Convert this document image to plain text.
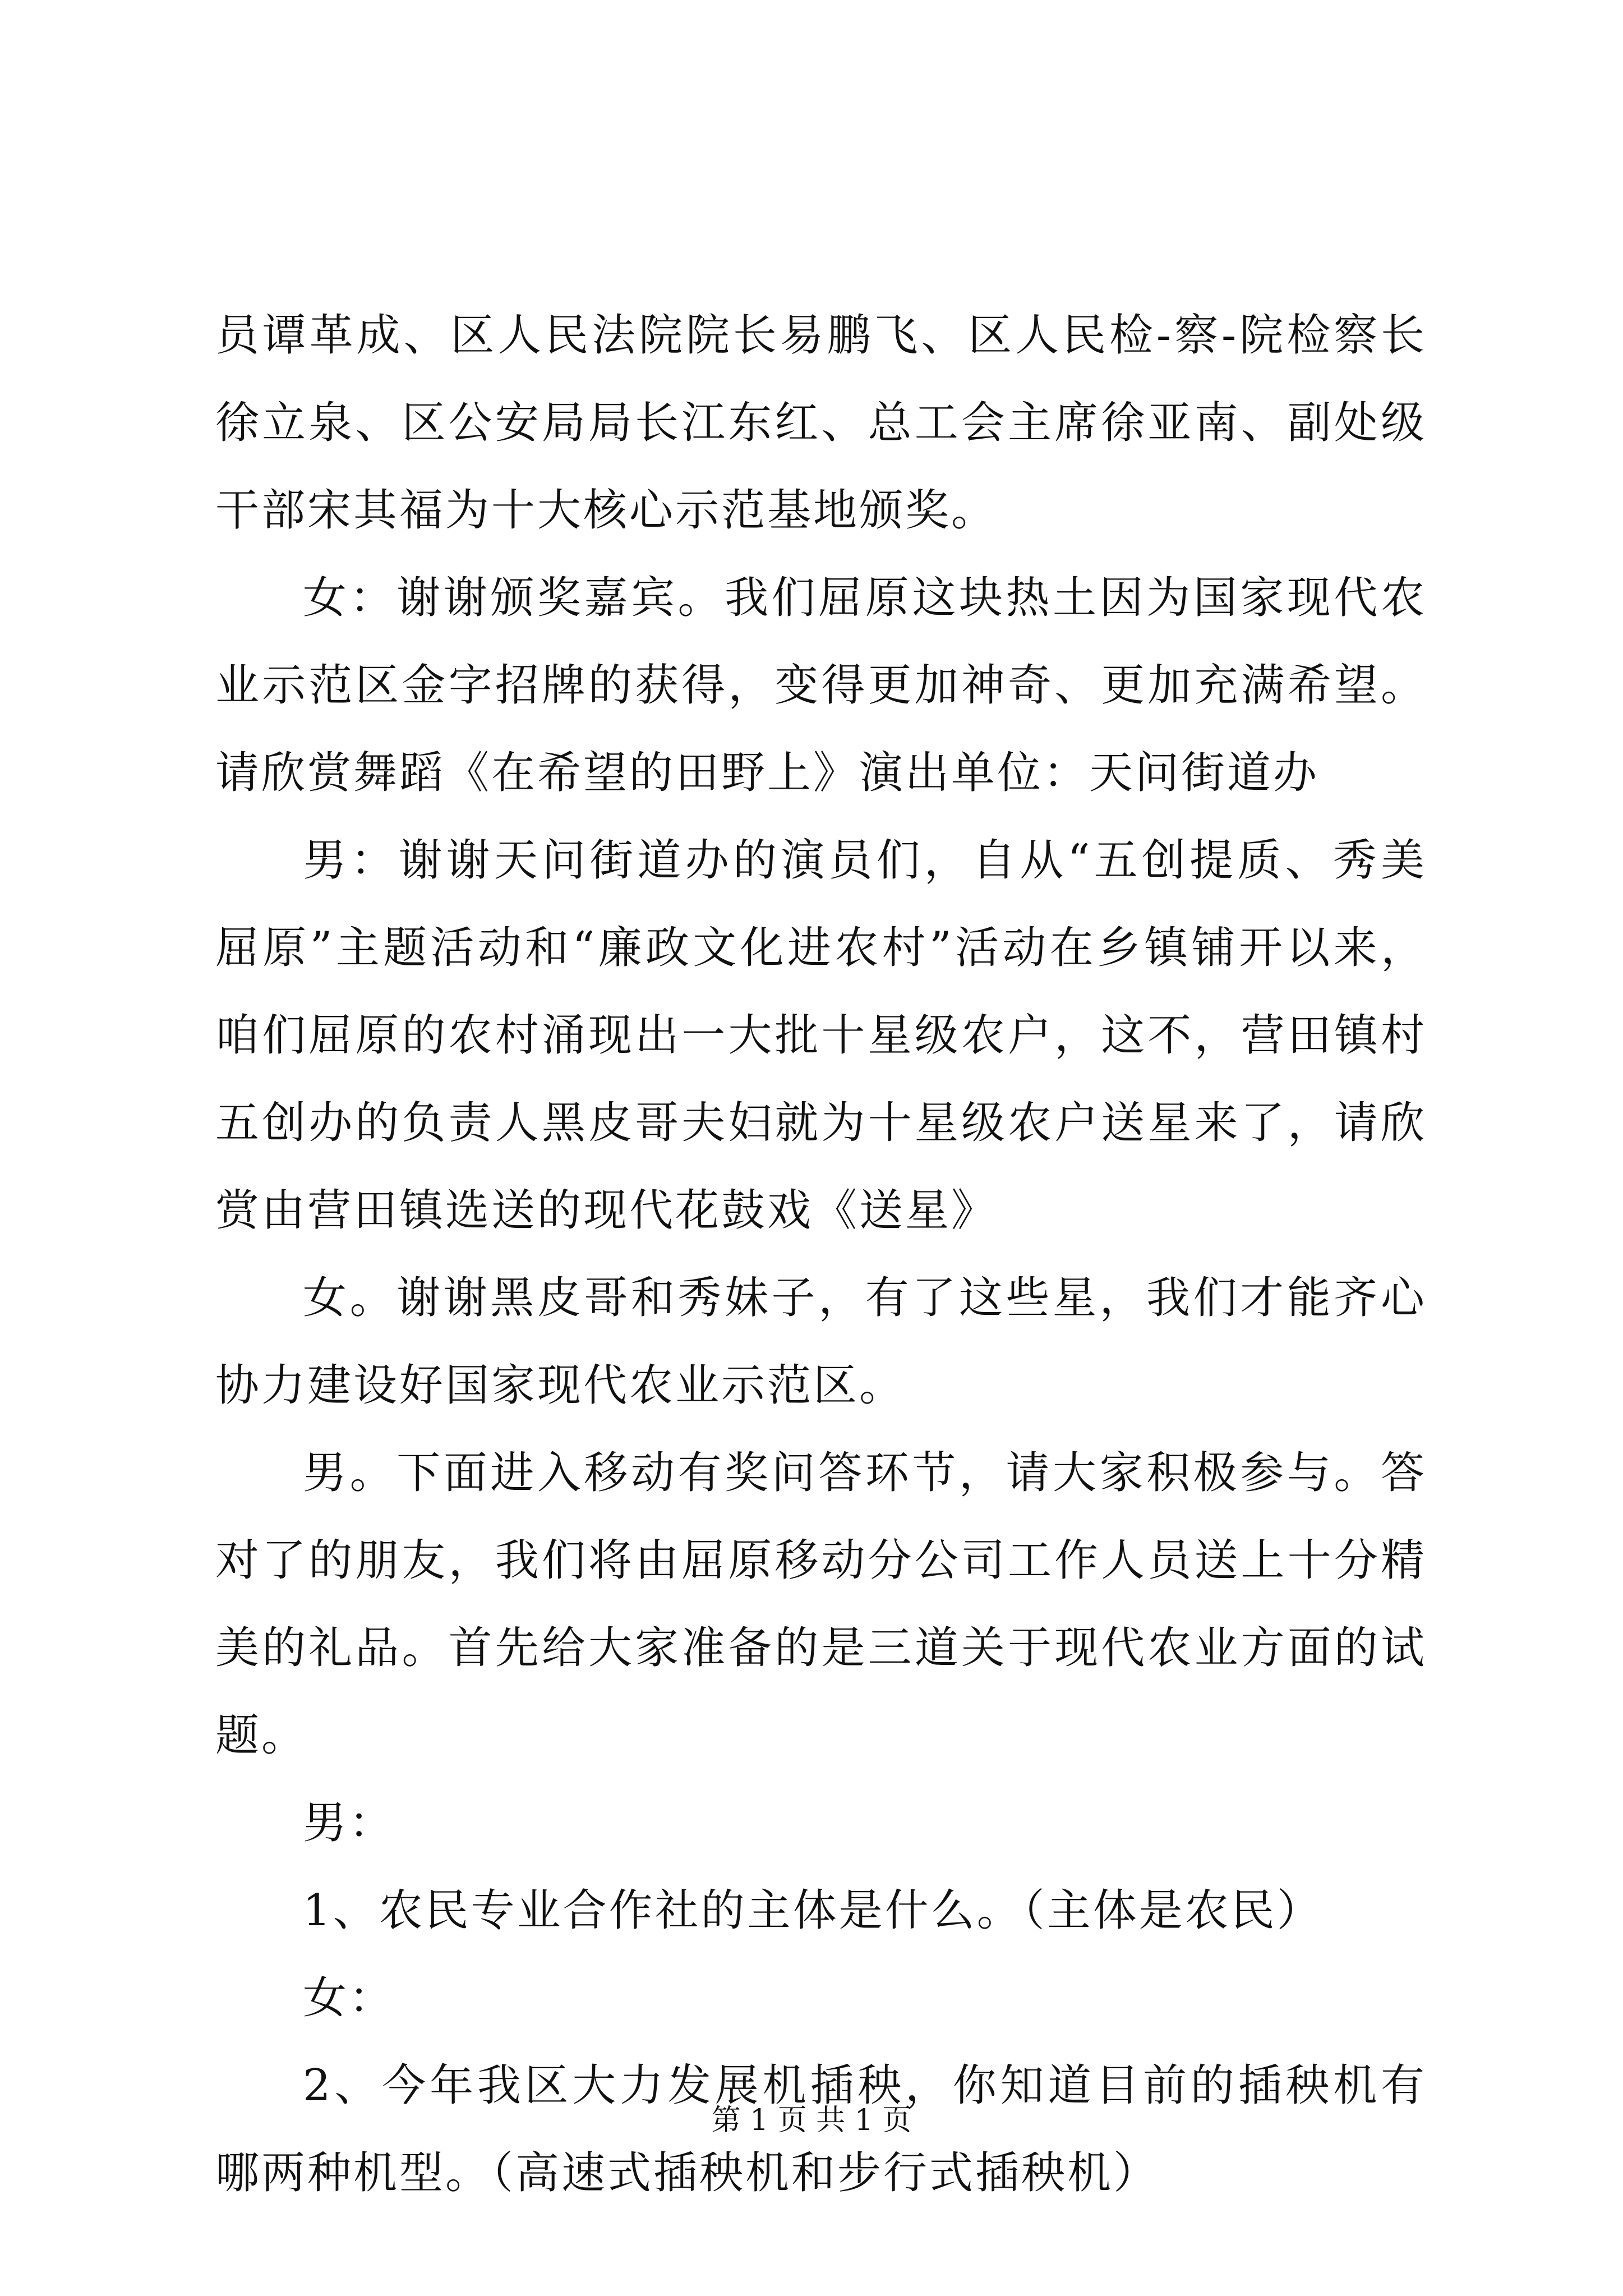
员谭革成、区人民法院院长易鹏飞、区人民检-察-院检察长徐立泉、区公安局局长江东红、总工会主席徐亚南、副处级干部宋其福为十大核心示范基地颁奖。

女：谢谢颁奖嘉宾。我们屈原这块热土因为国家现代农业示范区金字招牌的获得，变得更加神奇、更加充满希望。请欣赏舞蹈《在希望的田野上》演出单位：天问街道办

男：谢谢天问街道办的演员们，自从“五创提质、秀美屈原”主题活动和“廉政文化进农村”活动在乡镇铺开以来，咱们屈原的农村涌现出一大批十星级农户，这不，营田镇村五创办的负责人黑皮哥夫妇就为十星级农户送星来了，请欣赏由营田镇选送的现代花鼓戏《送星》

女。谢谢黑皮哥和秀妹子，有了这些星，我们才能齐心协力建设好国家现代农业示范区。

男。下面进入移动有奖问答环节，请大家积极参与。答对了的朋友，我们将由屈原移动分公司工作人员送上十分精美的礼品。首先给大家准备的是三道关于现代农业方面的试题。

男：

1、农民专业合作社的主体是什么。（主体是农民）

女：

2、今年我区大力发展机插秧，你知道目前的插秧机有哪两种机型。（高速式插秧机和步行式插秧机）

第 1 页 共 1 页
